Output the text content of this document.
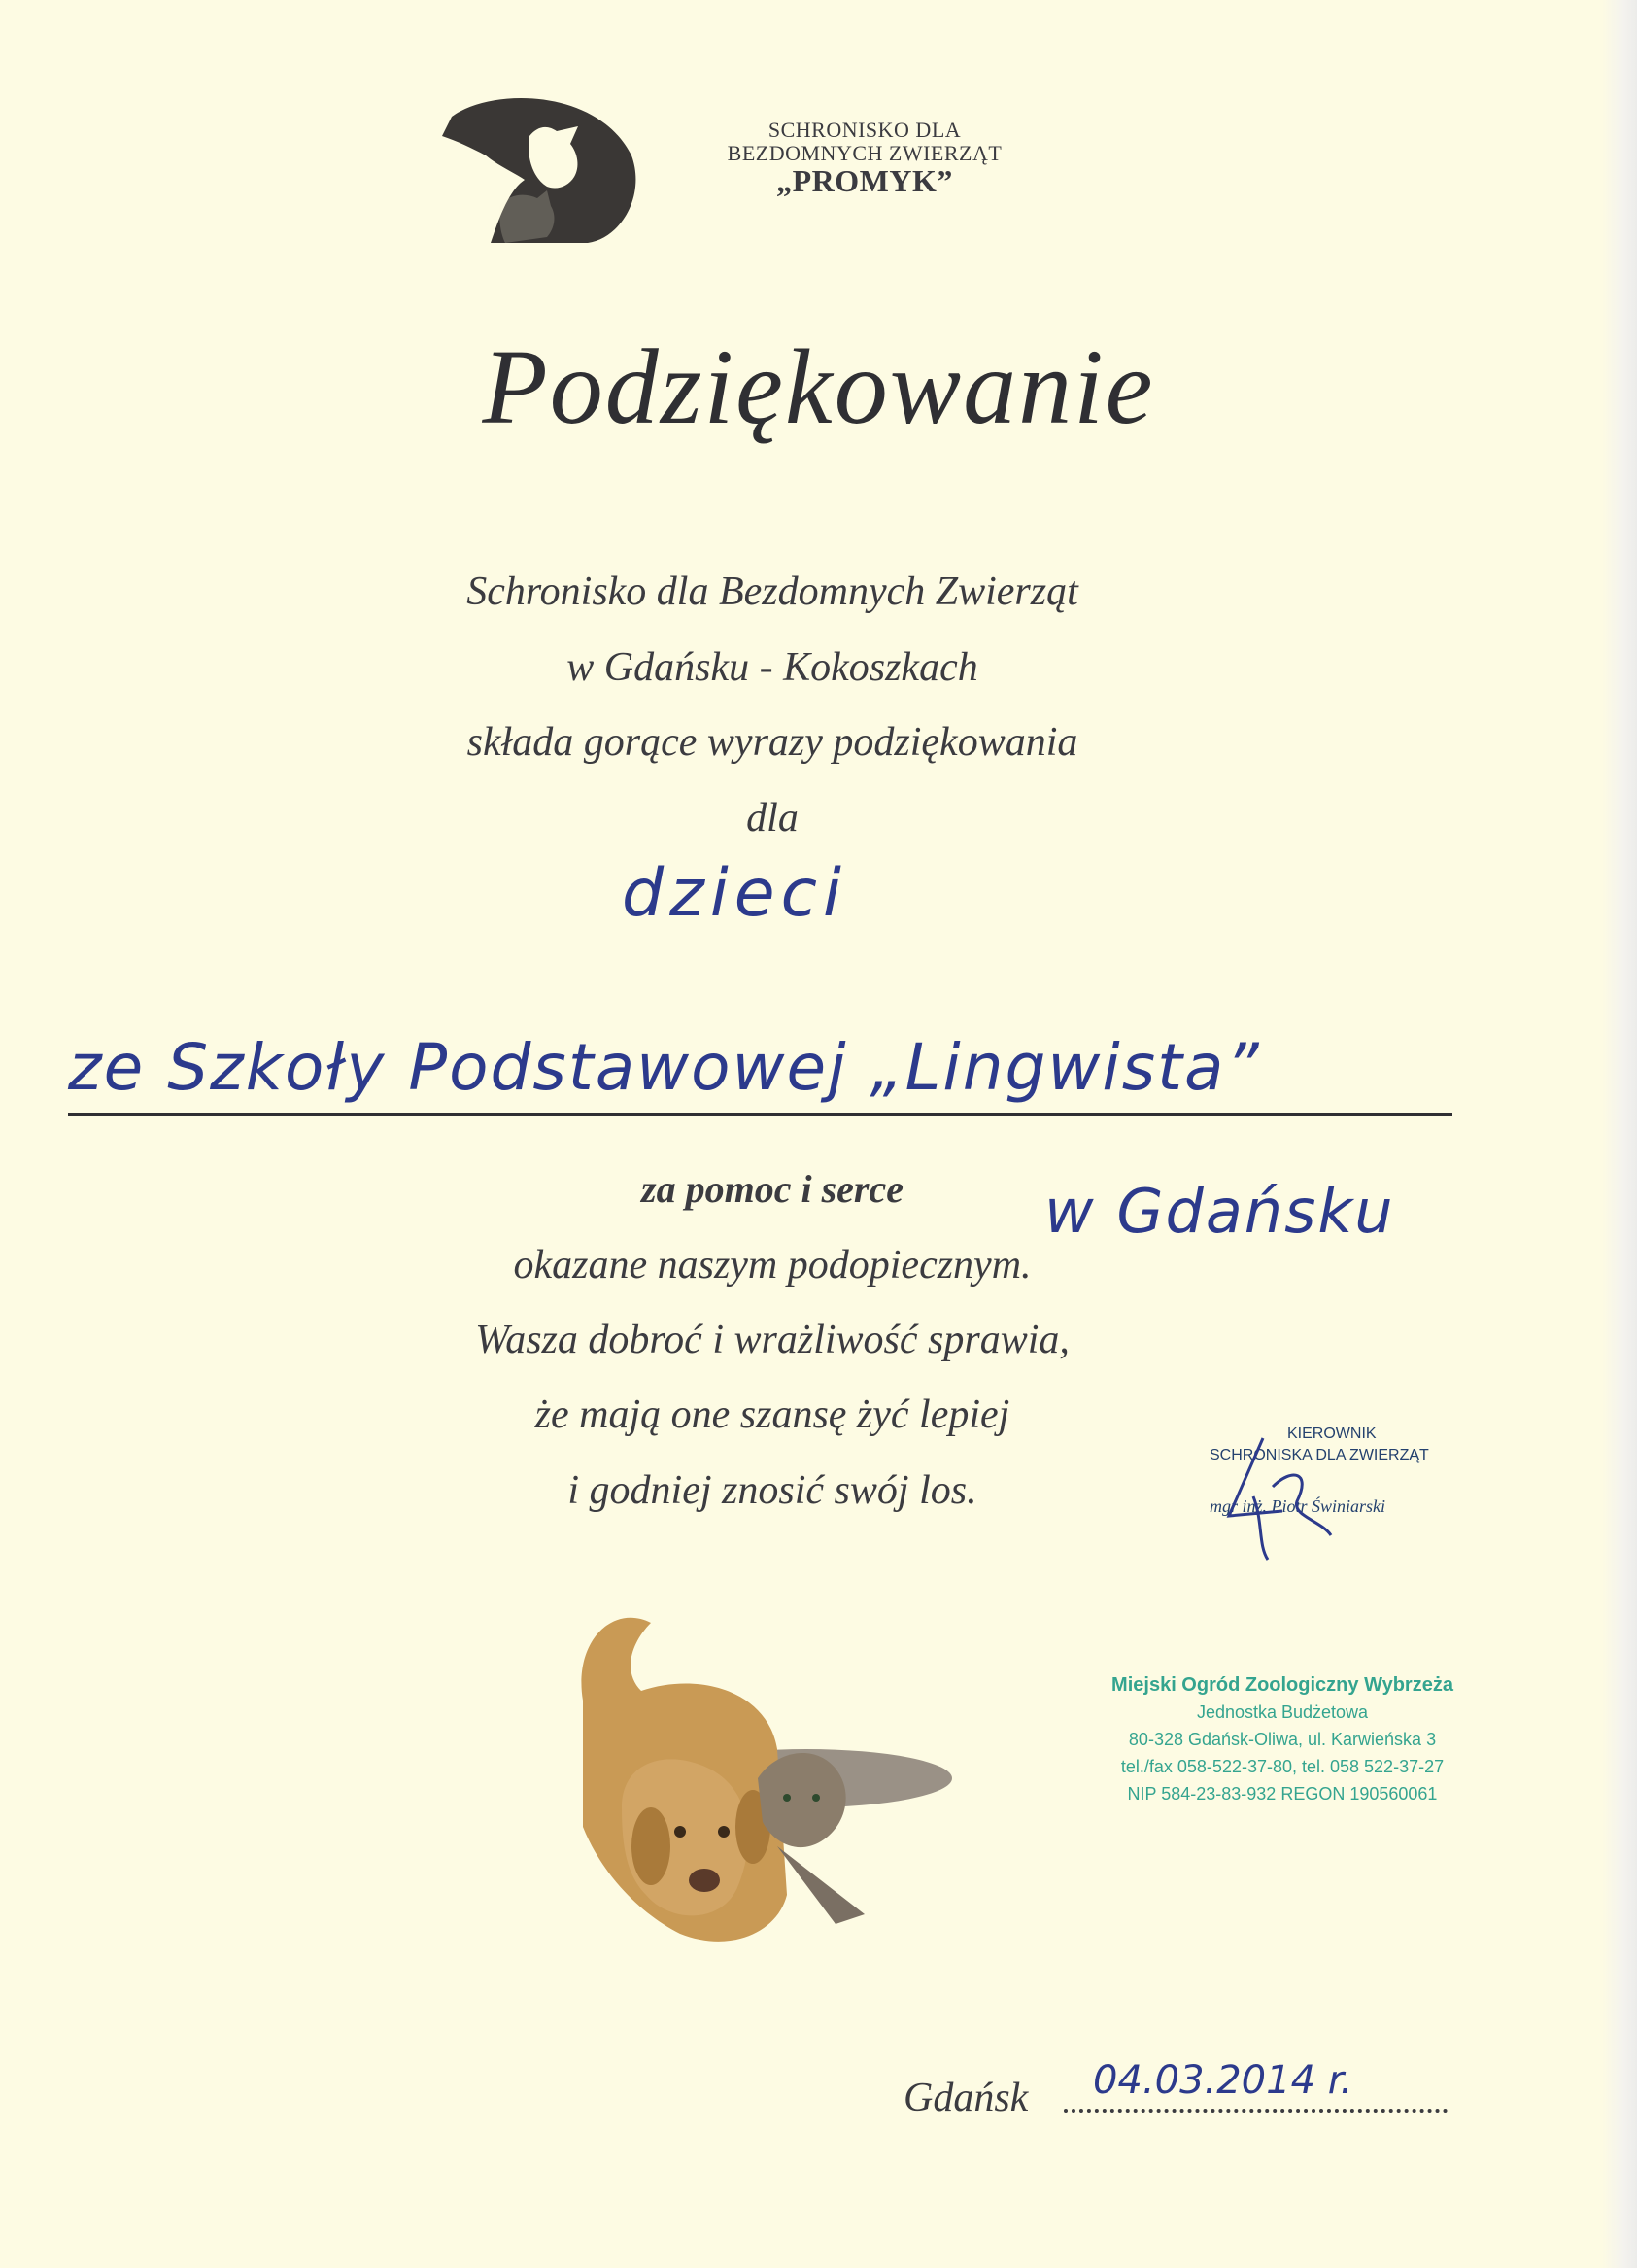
SCHRONISKO DLA
BEZDOMNYCH ZWIERZĄT
„PROMYK”
Podziękowanie
Schronisko dla Bezdomnych Zwierząt
w Gdańsku - Kokoszkach
składa gorące wyrazy podziękowania
dla
dzieci
ze Szkoły Podstawowej „Lingwista”
za pomoc i serce	w Gdańsku
okazane naszym podopiecznym.
Wasza dobroć i wrażliwość sprawia,
że mają one szansę żyć lepiej
i godniej znosić swój los.
KIEROWNIK
SCHRONISKA DLA ZWIERZĄT
mgr inż. Piotr Świniarski
Miejski Ogród Zoologiczny Wybrzeża
Jednostka Budżetowa
80-328 Gdańsk-Oliwa, ul. Karwieńska 3
tel./fax 058-522-37-80, tel. 058 522-37-27
NIP 584-23-83-932 REGON 190560061
Gdańsk 04.03.2014 r.
